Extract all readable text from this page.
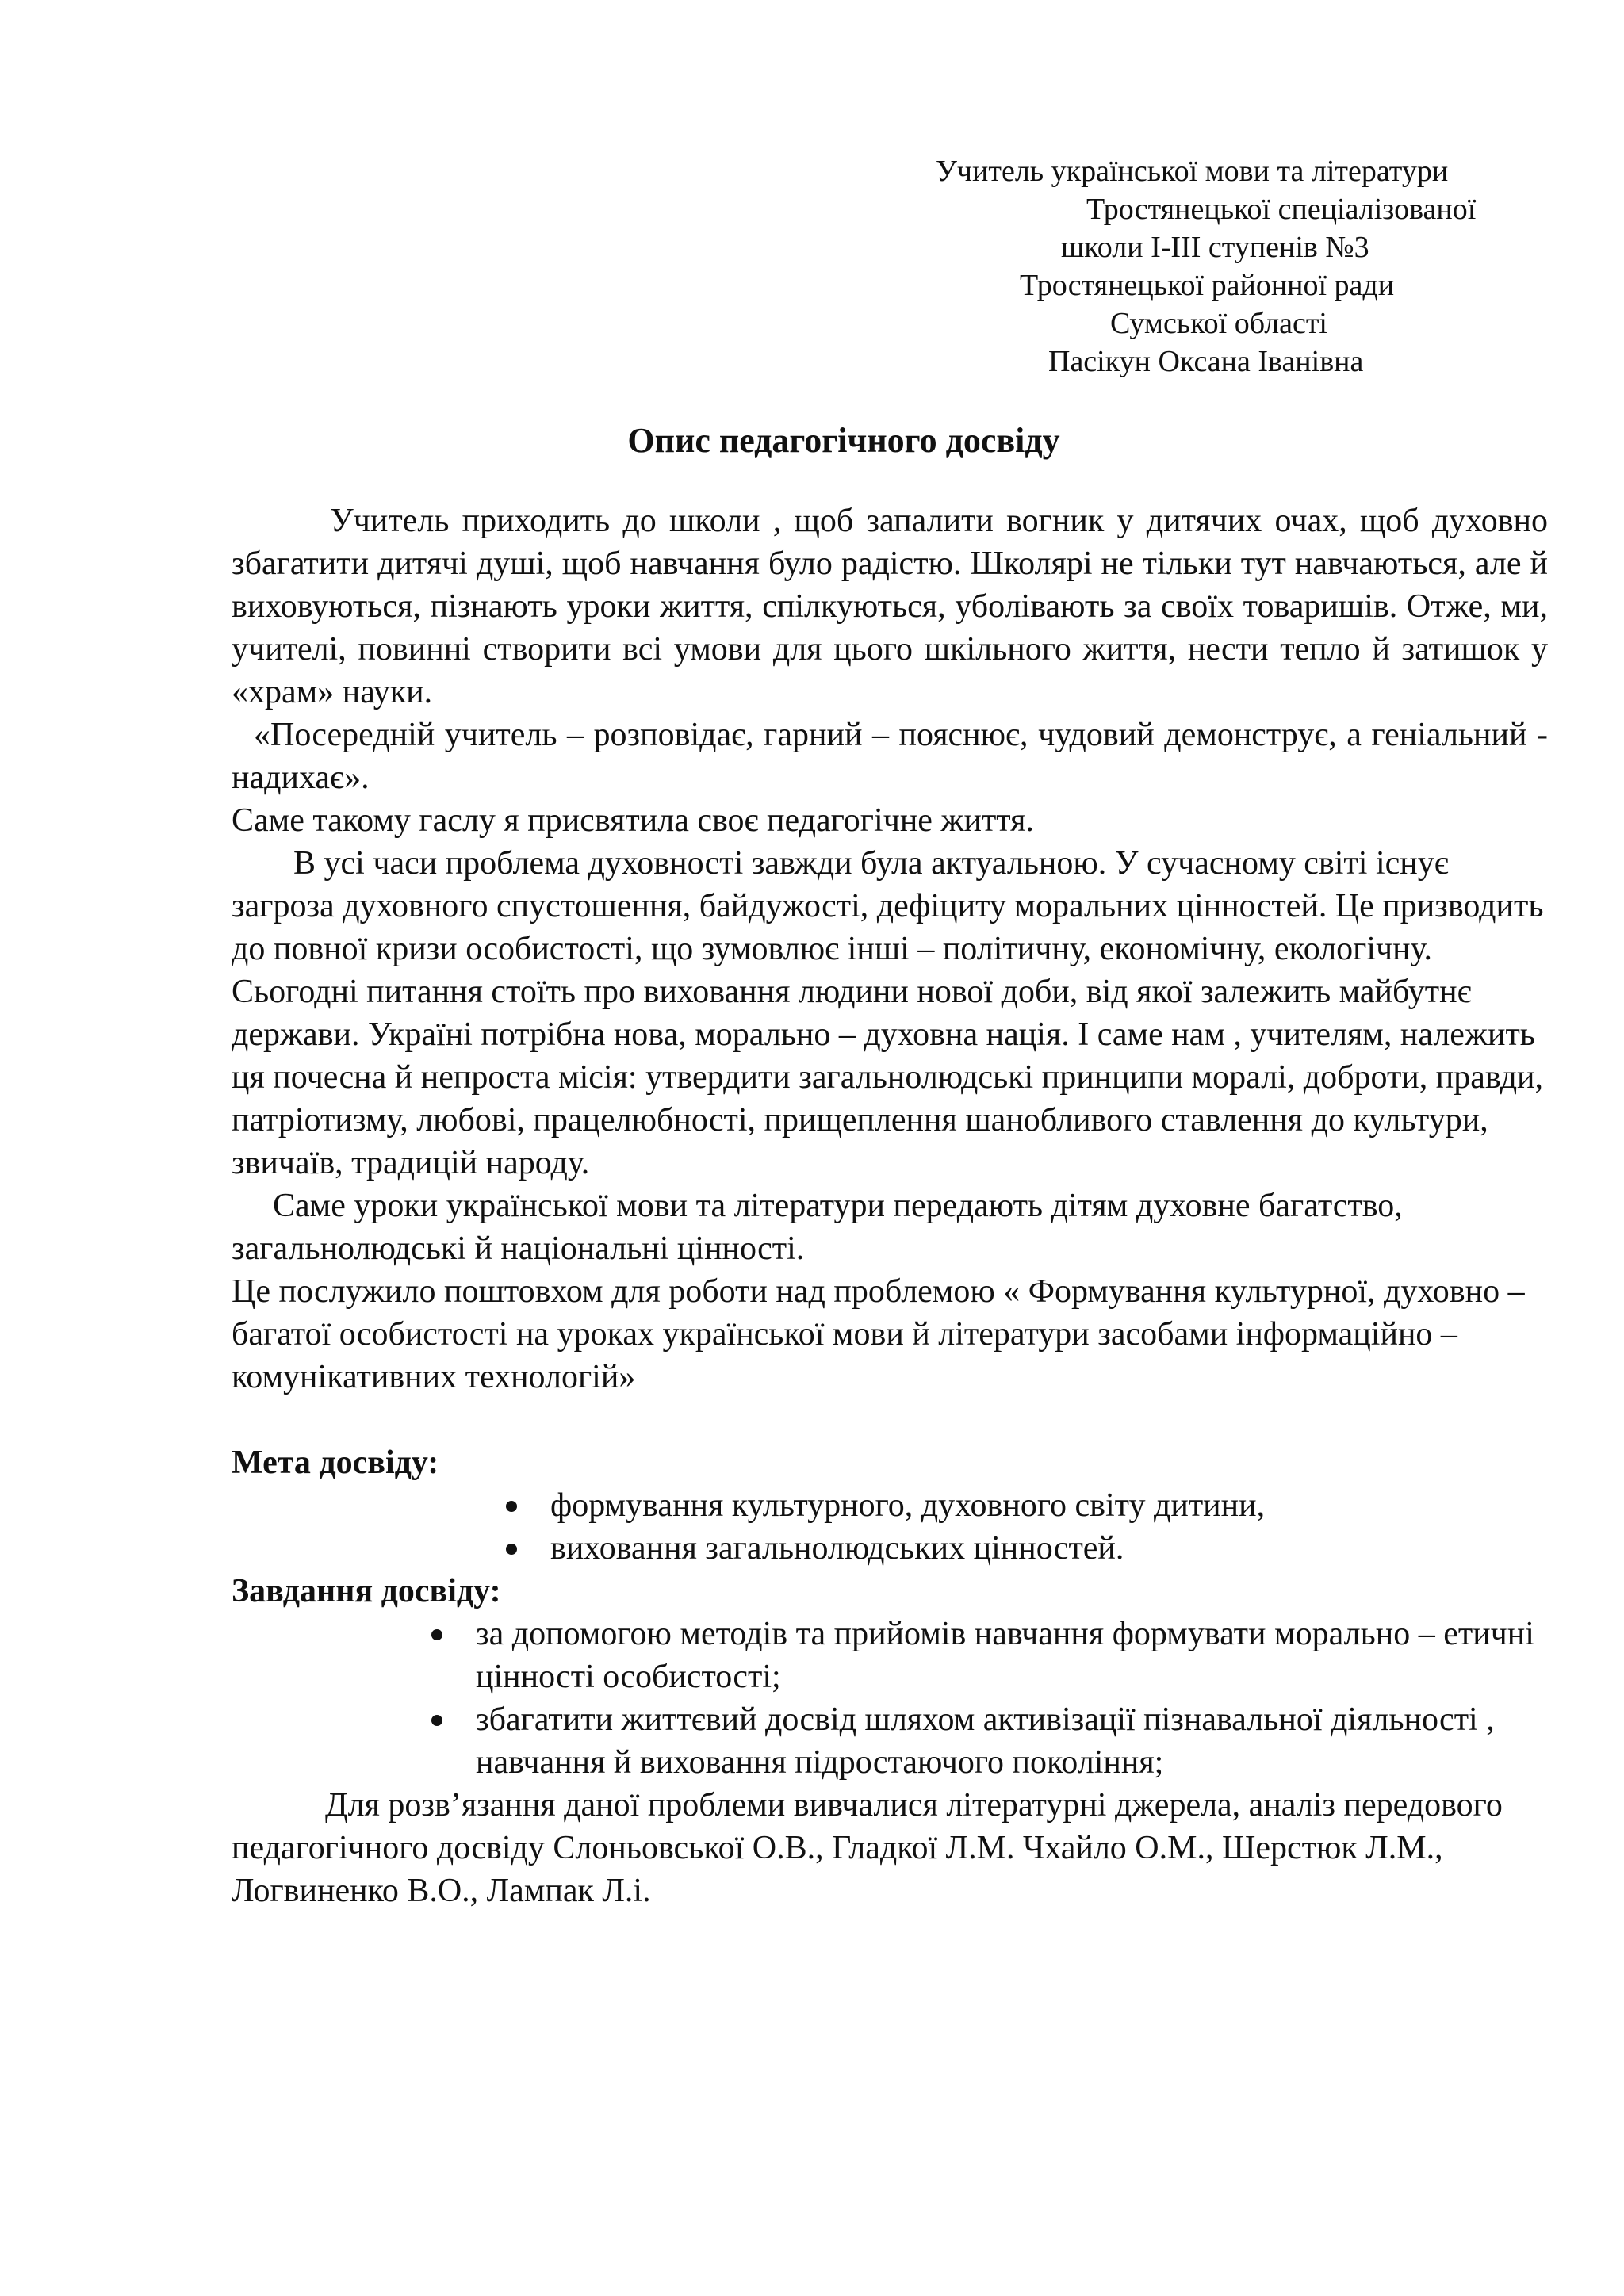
Учитель української мови та літератури
Тростянецької спеціалізованої
школи І-ІІІ ступенів №3
Тростянецької районної ради
Сумської області
Пасікун Оксана Іванівна
Опис педагогічного досвіду

Учитель приходить до школи , щоб запалити вогник у дитячих очах, щоб духовно збагатити дитячі душі, щоб навчання було радістю. Школярі не тільки тут навчаються, але й виховуються, пізнають уроки життя, спілкуються, уболівають за своїх товаришів. Отже, ми, учителі, повинні створити всі умови для цього шкільного життя, нести тепло й затишок у «храм» науки.

«Посередній учитель – розповідає, гарний – пояснює, чудовий демонструє, а геніальний - надихає».

Саме такому гаслу я присвятила своє педагогічне життя.

В усі часи проблема духовності завжди була актуальною. У сучасному світі існує загроза духовного спустошення, байдужості, дефіциту моральних цінностей. Це призводить до повної кризи особистості, що зумовлює інші – політичну, економічну, екологічну. Сьогодні питання стоїть про виховання людини нової доби, від якої залежить майбутнє держави. Україні потрібна нова, морально – духовна нація. І саме нам , учителям, належить ця почесна й непроста місія: утвердити загальнолюдські принципи моралі, доброти, правди, патріотизму, любові, працелюбності, прищеплення шанобливого ставлення до культури, звичаїв, традицій народу.

Саме уроки української мови та літератури передають дітям духовне багатство, загальнолюдські й національні цінності.

Це послужило поштовхом для роботи над проблемою « Формування культурної, духовно – багатої особистості на уроках української мови й літератури засобами інформаційно – комунікативних технологій»

Мета досвіду:

формування культурного, духовного світу дитини,
виховання загальнолюдських цінностей.

Завдання досвіду:

за допомогою методів та прийомів навчання формувати морально – етичні цінності особистості;
збагатити життєвий досвід шляхом активізації пізнавальної діяльності , навчання й виховання підростаючого покоління;

Для розв’язання даної проблеми вивчалися літературні джерела, аналіз передового педагогічного досвіду Слоньовської О.В., Гладкої Л.М. Чхайло О.М., Шерстюк Л.М., Логвиненко В.О., Лампак Л.і.
